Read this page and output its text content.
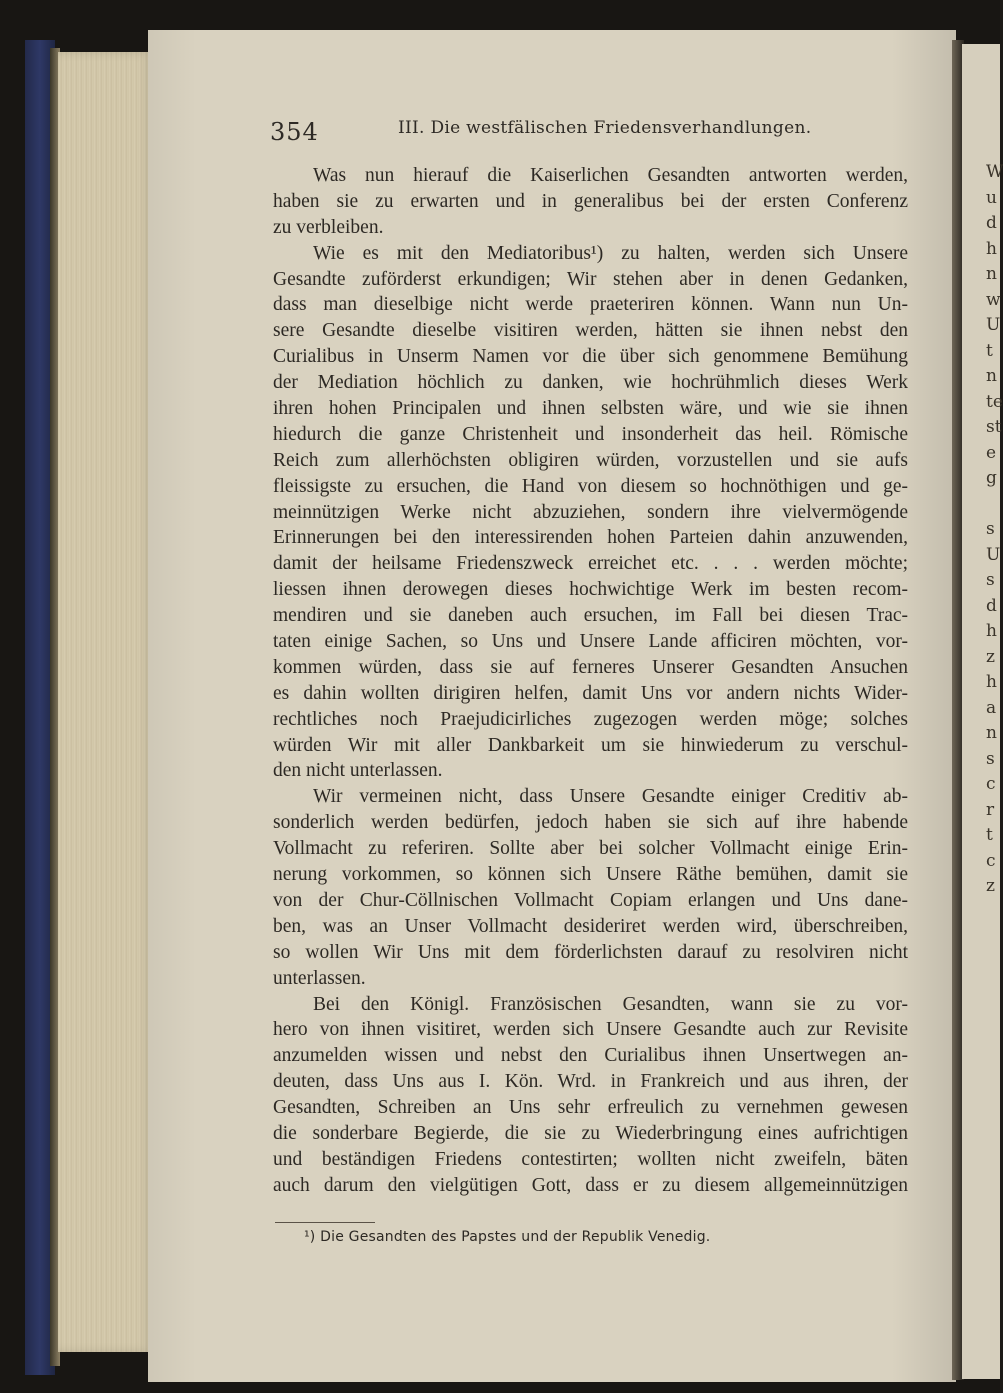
W
u
d
h
n
w
U
t
n
te
st
e
g
s
U
s
d
h
z
h
a
n
s
c
r
t
c
z
354	III. Die westfälischen Friedensverhandlungen.

Was nun hierauf die Kaiserlichen Gesandten antworten werden,
haben sie zu erwarten und in generalibus bei der ersten Conferenz
zu verbleiben.

Wie es mit den Mediatoribus¹) zu halten, werden sich Unsere
Gesandte zuförderst erkundigen; Wir stehen aber in denen Gedanken,
dass man dieselbige nicht werde praeteriren können. Wann nun Un-
sere Gesandte dieselbe visitiren werden, hätten sie ihnen nebst den
Curialibus in Unserm Namen vor die über sich genommene Bemühung
der Mediation höchlich zu danken, wie hochrühmlich dieses Werk
ihren hohen Principalen und ihnen selbsten wäre, und wie sie ihnen
hiedurch die ganze Christenheit und insonderheit das heil. Römische
Reich zum allerhöchsten obligiren würden, vorzustellen und sie aufs
fleissigste zu ersuchen, die Hand von diesem so hochnöthigen und ge-
meinnützigen Werke nicht abzuziehen, sondern ihre vielvermögende
Erinnerungen bei den interessirenden hohen Parteien dahin anzuwenden,
damit der heilsame Friedenszweck erreichet etc. . . . werden möchte;
liessen ihnen derowegen dieses hochwichtige Werk im besten recom-
mendiren und sie daneben auch ersuchen, im Fall bei diesen Trac-
taten einige Sachen, so Uns und Unsere Lande afficiren möchten, vor-
kommen würden, dass sie auf ferneres Unserer Gesandten Ansuchen
es dahin wollten dirigiren helfen, damit Uns vor andern nichts Wider-
rechtliches noch Praejudicirliches zugezogen werden möge; solches
würden Wir mit aller Dankbarkeit um sie hinwiederum zu verschul-
den nicht unterlassen.

Wir vermeinen nicht, dass Unsere Gesandte einiger Creditiv ab-
sonderlich werden bedürfen, jedoch haben sie sich auf ihre habende
Vollmacht zu referiren. Sollte aber bei solcher Vollmacht einige Erin-
nerung vorkommen, so können sich Unsere Räthe bemühen, damit sie
von der Chur-Cöllnischen Vollmacht Copiam erlangen und Uns dane-
ben, was an Unser Vollmacht desideriret werden wird, überschreiben,
so wollen Wir Uns mit dem förderlichsten darauf zu resolviren nicht
unterlassen.

Bei den Königl. Französischen Gesandten, wann sie zu vor-
hero von ihnen visitiret, werden sich Unsere Gesandte auch zur Revisite
anzumelden wissen und nebst den Curialibus ihnen Unsertwegen an-
deuten, dass Uns aus I. Kön. Wrd. in Frankreich und aus ihren, der
Gesandten, Schreiben an Uns sehr erfreulich zu vernehmen gewesen
die sonderbare Begierde, die sie zu Wiederbringung eines aufrichtigen
und beständigen Friedens contestirten; wollten nicht zweifeln, bäten
auch darum den vielgütigen Gott, dass er zu diesem allgemeinnützigen

¹) Die Gesandten des Papstes und der Republik Venedig.
